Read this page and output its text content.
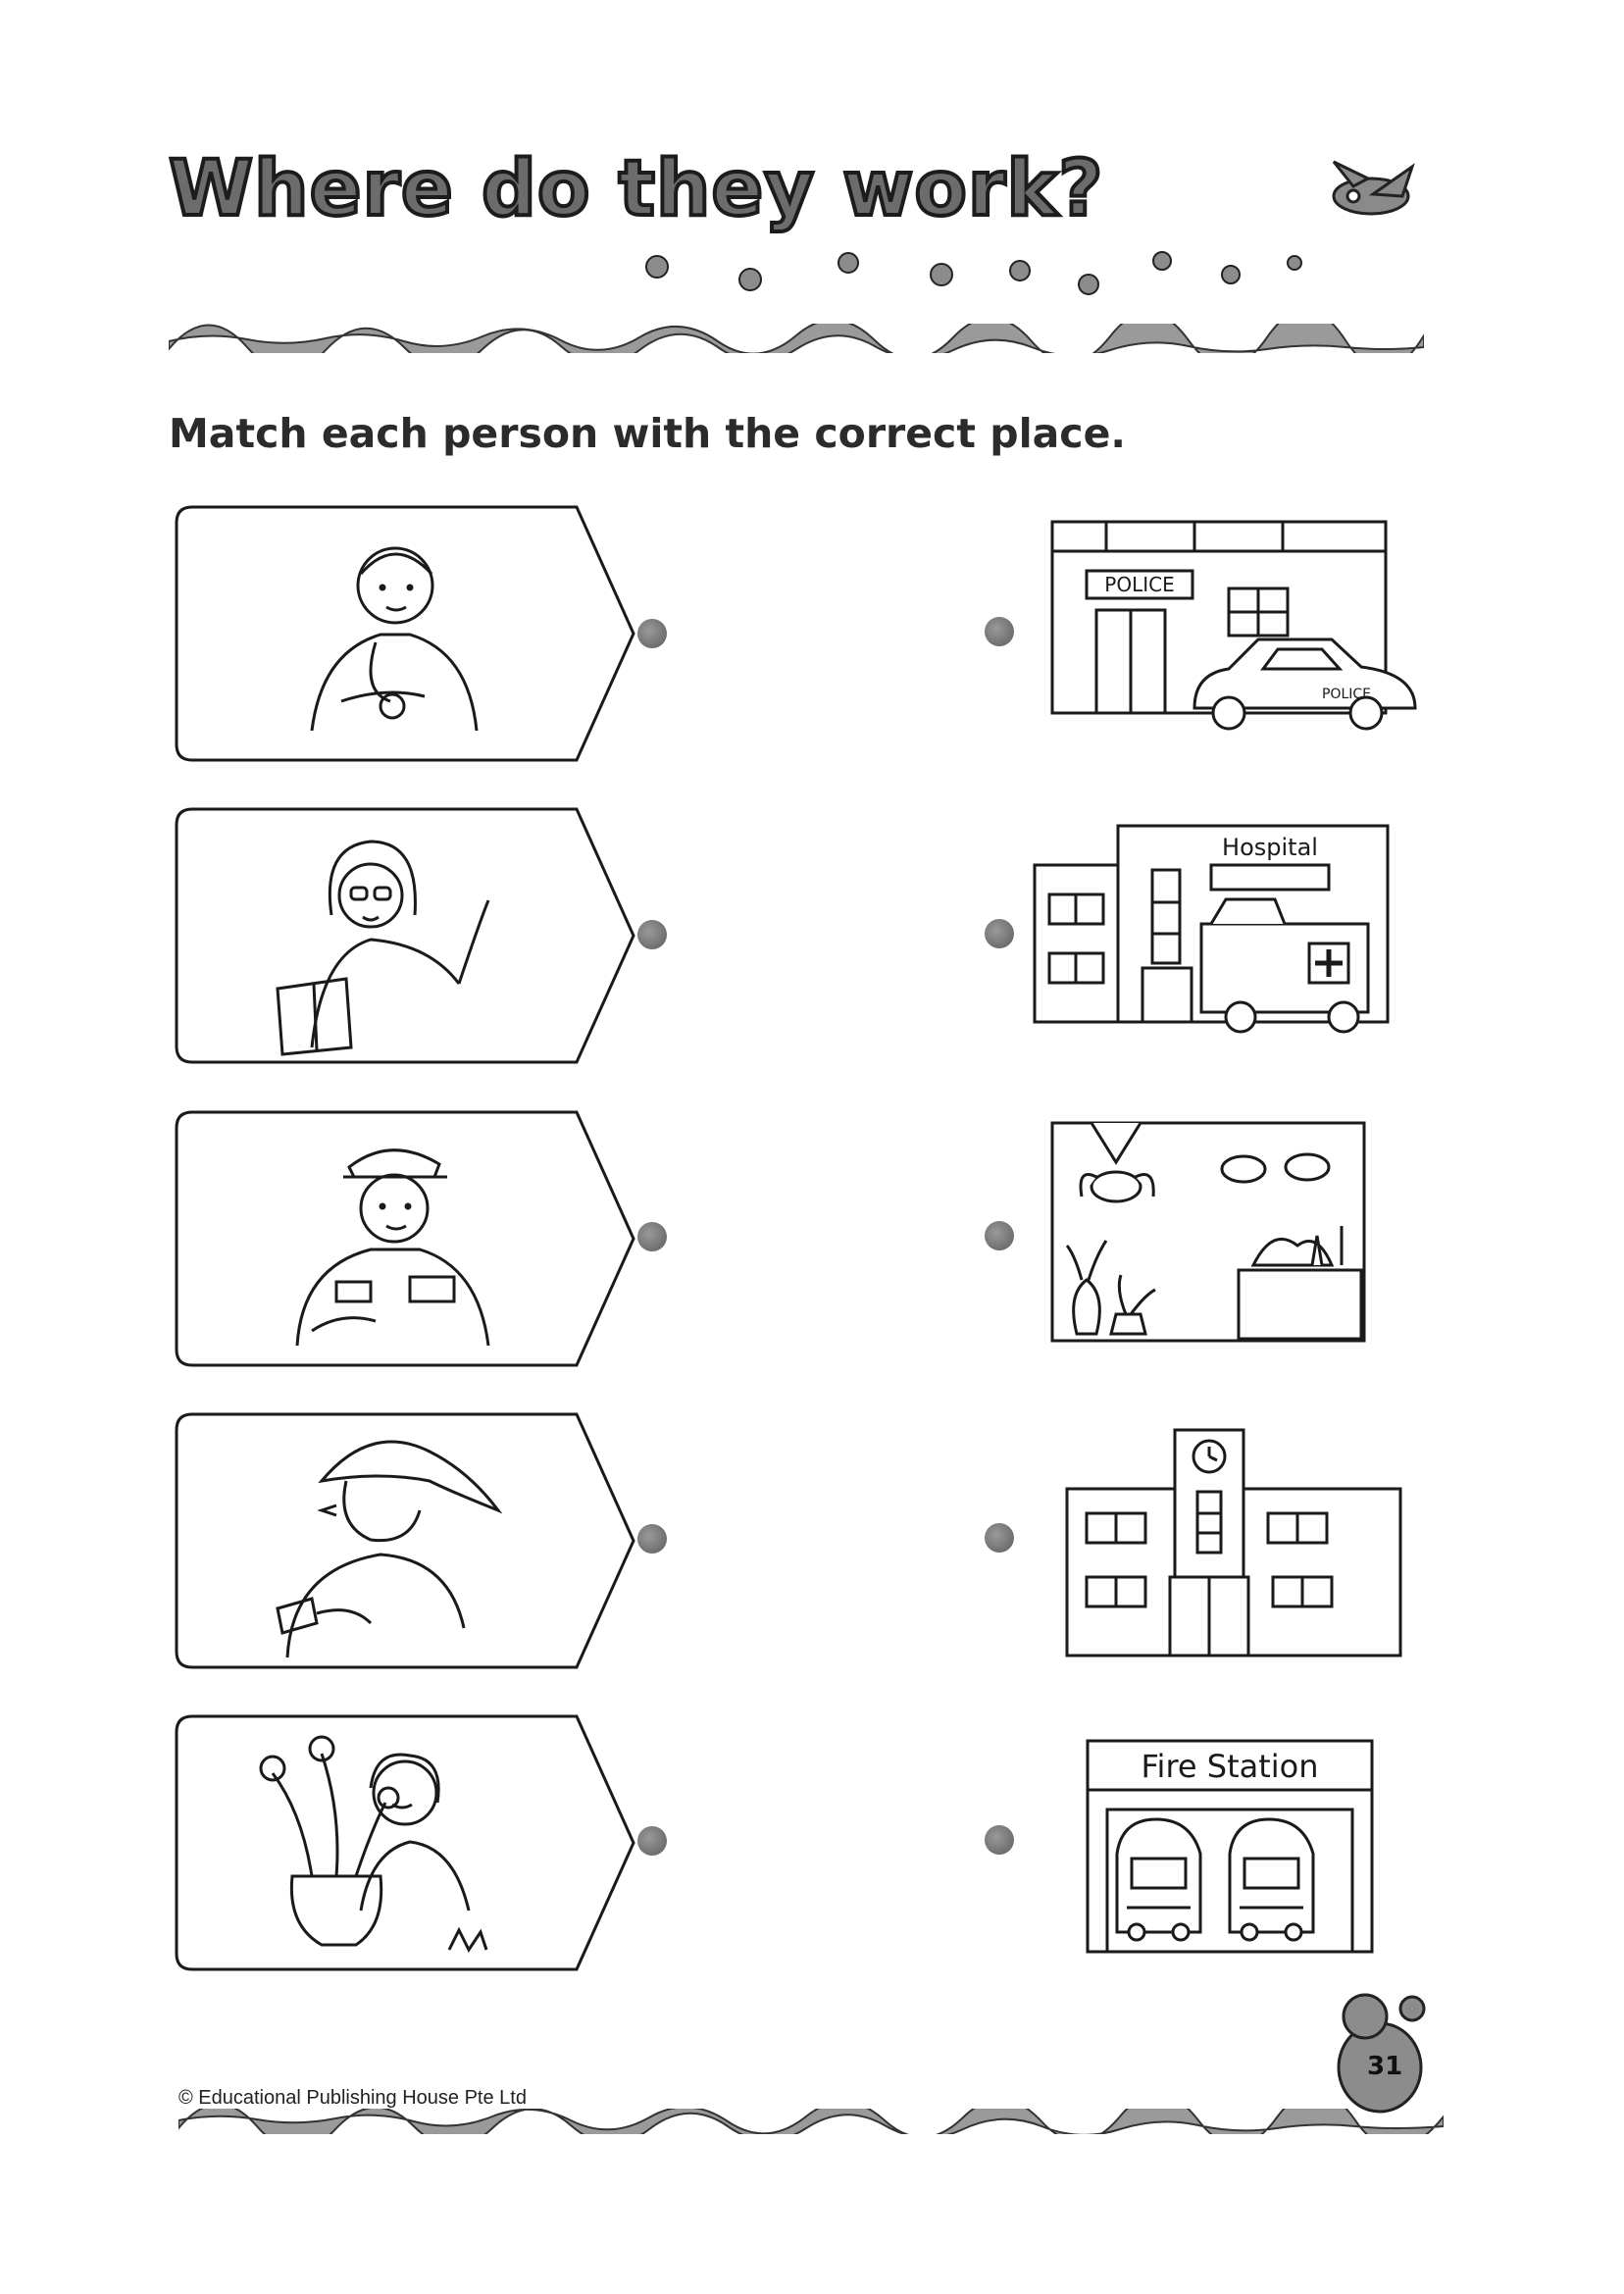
Where do they work?
Match each person with the correct place.
POLICE
POLICE
Hospital
Fire Station
© Educational Publishing House Pte Ltd
31
